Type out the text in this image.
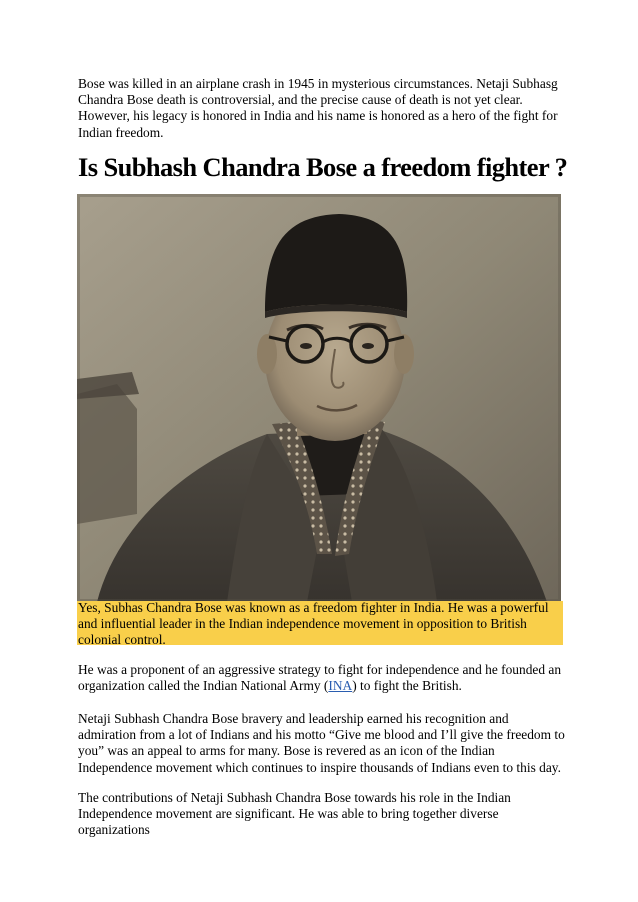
Bose was killed in an airplane crash in 1945 in mysterious circumstances. Netaji Subhasg Chandra Bose death is controversial, and the precise cause of death is not yet clear. However, his legacy is honored in India and his name is honored as a hero of the fight for Indian freedom.

Is Subhash Chandra Bose a freedom fighter ?

Yes, Subhas Chandra Bose was known as a freedom fighter in India. He was a powerful and influential leader in the Indian independence movement in opposition to British colonial control.

He was a proponent of an aggressive strategy to fight for independence and he founded an organization called the Indian National Army (INA) to fight the British.

Netaji Subhash Chandra Bose bravery and leadership earned his recognition and admiration from a lot of Indians and his motto “Give me blood and I’ll give the freedom to you” was an appeal to arms for many. Bose is revered as an icon of the Indian Independence movement which continues to inspire thousands of Indians even to this day.

The contributions of Netaji Subhash Chandra Bose towards his role in the Indian Independence movement are significant. He was able to bring together diverse organizations
